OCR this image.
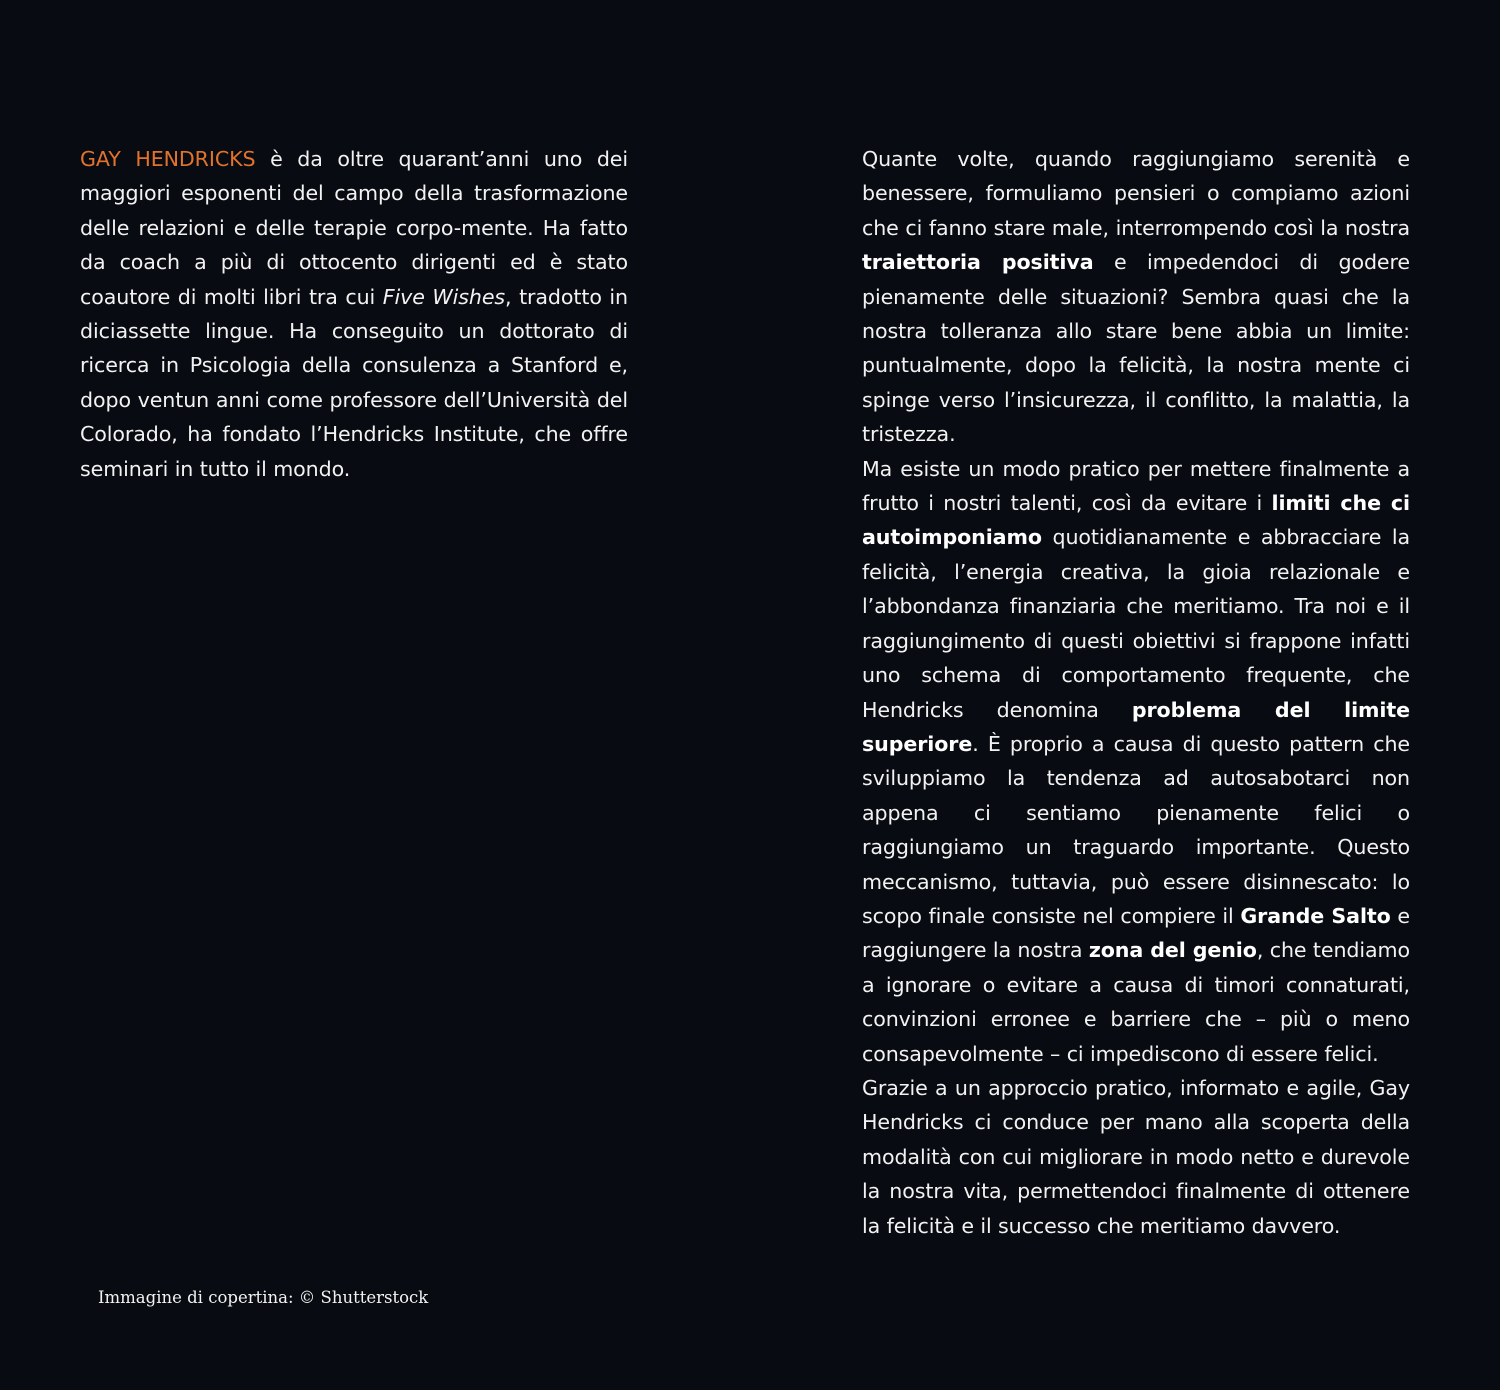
GAY HENDRICKS è da oltre quarant’anni uno dei maggiori esponenti del campo della trasformazione delle relazioni e delle terapie corpo-mente. Ha fatto da coach a più di ottocento dirigenti ed è stato coautore di molti libri tra cui Five Wishes, tradotto in diciassette lingue. Ha conseguito un dottorato di ricerca in Psicologia della consulenza a Stanford e, dopo ventun anni come professore dell’Università del Colorado, ha fondato l’Hendricks Institute, che offre seminari in tutto il mondo.

Quante volte, quando raggiungiamo serenità e benessere, formuliamo pensieri o compiamo azioni che ci fanno stare male, interrompendo così la nostra traiettoria positiva e impedendoci di godere pienamente delle situazioni? Sembra quasi che la nostra tolleranza allo stare bene abbia un limite: puntualmente, dopo la felicità, la nostra mente ci spinge verso l’insicurezza, il conflitto, la malattia, la tristezza.

Ma esiste un modo pratico per mettere finalmente a frutto i nostri talenti, così da evitare i limiti che ci autoimponiamo quotidianamente e abbracciare la felicità, l’energia creativa, la gioia relazionale e l’abbondanza finanziaria che meritiamo. Tra noi e il raggiungimento di questi obiettivi si frappone infatti uno schema di comportamento frequente, che Hendricks denomina problema del limite superiore. È proprio a causa di questo pattern che sviluppiamo la tendenza ad autosabotarci non appena ci sentiamo pienamente felici o raggiungiamo un traguardo importante. Questo meccanismo, tuttavia, può essere disinnescato: lo scopo finale consiste nel compiere il Grande Salto e raggiungere la nostra zona del genio, che tendiamo a ignorare o evitare a causa di timori connaturati, convinzioni erronee e barriere che – più o meno consapevolmente – ci impediscono di essere felici.

Grazie a un approccio pratico, informato e agile, Gay Hendricks ci conduce per mano alla scoperta della modalità con cui migliorare in modo netto e durevole la nostra vita, permettendoci finalmente di ottenere la felicità e il successo che meritiamo davvero.

Immagine di copertina: © Shutterstock
